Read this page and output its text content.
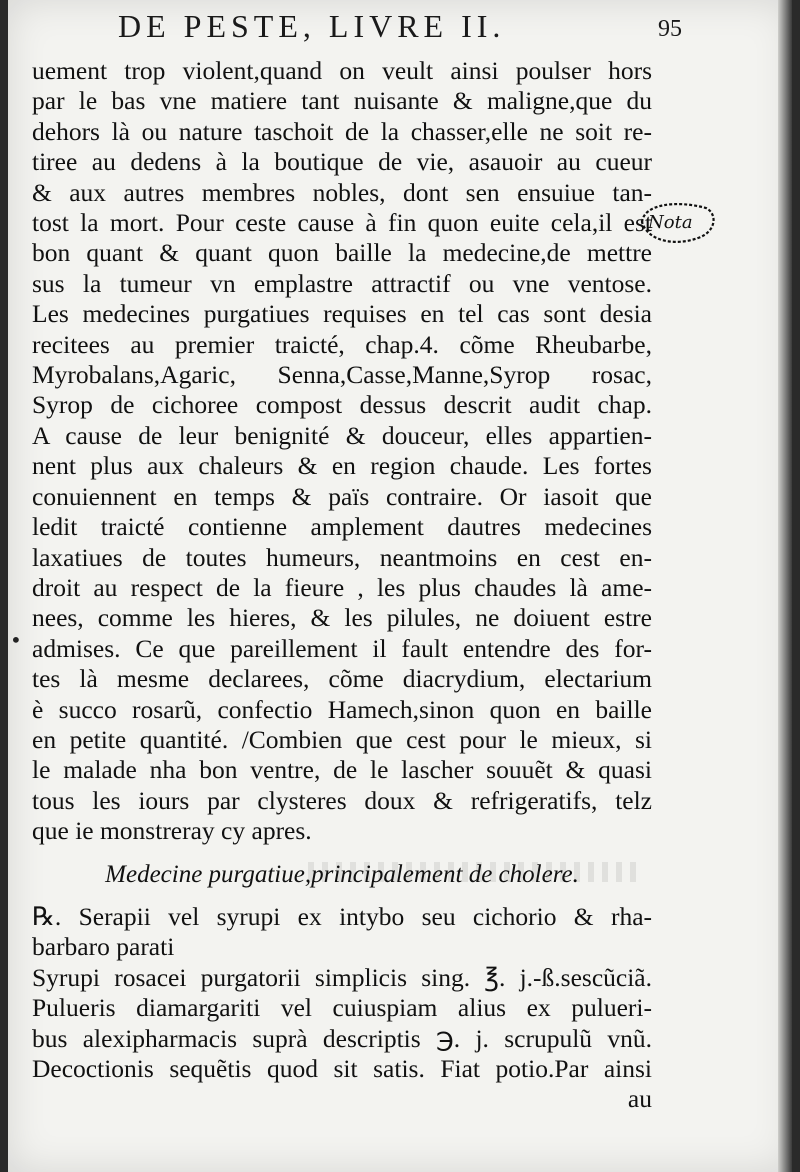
DE PESTE, LIVRE II.	95
•
uement trop violent,quand on veult ainsi poulser hors
par le bas vne matiere tant nuisante & maligne,que du
dehors là ou nature taschoit de la chasser,elle ne soit re-
tiree au dedens à la boutique de vie, asauoir au cueur
& aux autres membres nobles, dont sen ensuiue tan-
tost la mort. Pour ceste cause à fin quon euite cela,il est
bon quant & quant quon baille la medecine,de mettre
sus la tumeur vn emplastre attractif ou vne ventose.
Les medecines purgatiues requises en tel cas sont desia
recitees au premier traicté, chap.4. cõme Rheubarbe,
Myrobalans,Agaric, Senna,Casse,Manne,Syrop rosac,
Syrop de cichoree compost dessus descrit audit chap.
A cause de leur benignité & douceur, elles appartien-
nent plus aux chaleurs & en region chaude. Les fortes
conuiennent en temps & païs contraire. Or iasoit que
ledit traicté contienne amplement dautres medecines
laxatiues de toutes humeurs, neantmoins en cest en-
droit au respect de la fieure , les plus chaudes là ame-
nees, comme les hieres, & les pilules, ne doiuent estre
admises. Ce que pareillement il fault entendre des for-
tes là mesme declarees, cõme diacrydium, electarium
è succo rosarũ, confectio Hamech,sinon quon en baille
en petite quantité. /Combien que cest pour le mieux, si
le malade nha bon ventre, de le lascher souuẽt & quasi
tous les iours par clysteres doux & refrigeratifs, telz
que ie monstreray cy apres.
Medecine purgatiue,principalement de cholere.
℞. Serapii vel syrupi ex intybo seu cichorio & rha-
barbaro parati
Syrupi rosacei purgatorii simplicis sing. ℥. j.-ß.sescũciã.
Pulueris diamargariti vel cuiuspiam alius ex pulueri-
bus alexipharmacis suprà descriptis ℈. j. scrupulũ vnũ.
Decoctionis sequẽtis quod sit satis. Fiat potio.Par ainsi
au
Nota
